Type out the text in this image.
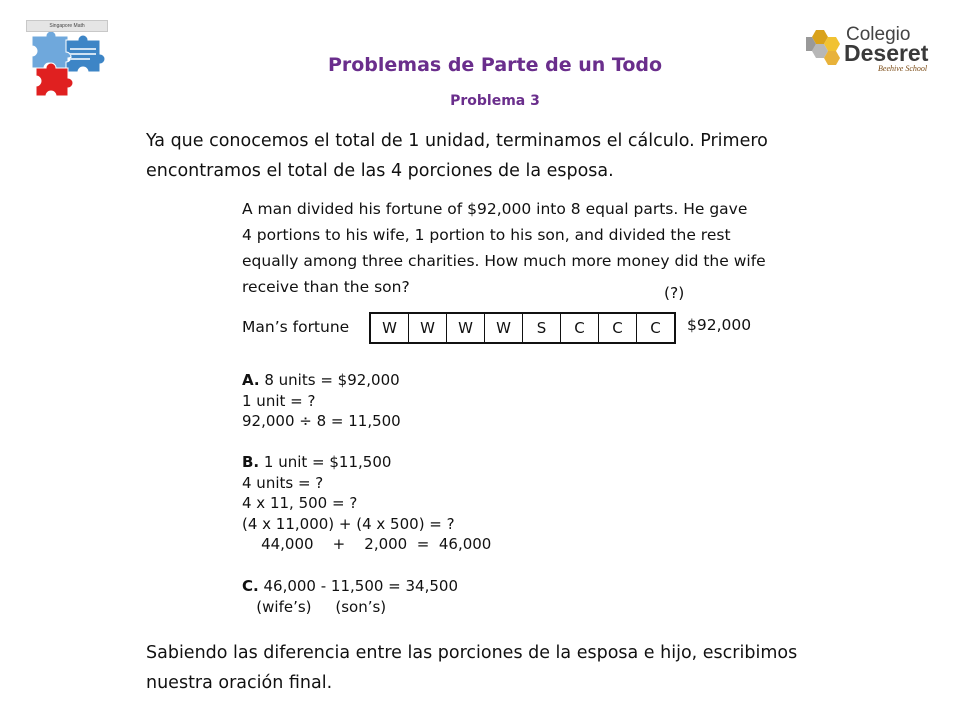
Singapore Math	Colegio
Deseret
Beehive School
Problemas de Parte de un Todo
Problema 3
Ya que conocemos el total de 1 unidad, terminamos el cálculo. Primero
encontramos el total de las 4 porciones de la esposa.
A man divided his fortune of $92,000 into 8 equal parts. He gave
4 portions to his wife, 1 portion to his son, and divided the rest
equally among three charities. How much more money did the wife
receive than the son?	(?)
Man’s fortune	W	W	W	W	S	C	C	C	$92,000
A. 8 units = $92,000
1 unit = ?
92,000 ÷ 8 = 11,500
B. 1 unit = $11,500
4 units = ?
4 x 11, 500 = ?
(4 x 11,000) + (4 x 500) = ?
44,000    +    2,000  =  46,000
C. 46,000 - 11,500 = 34,500
(wife’s)     (son’s)
Sabiendo las diferencia entre las porciones de la esposa e hijo, escribimos
nuestra oración final.
